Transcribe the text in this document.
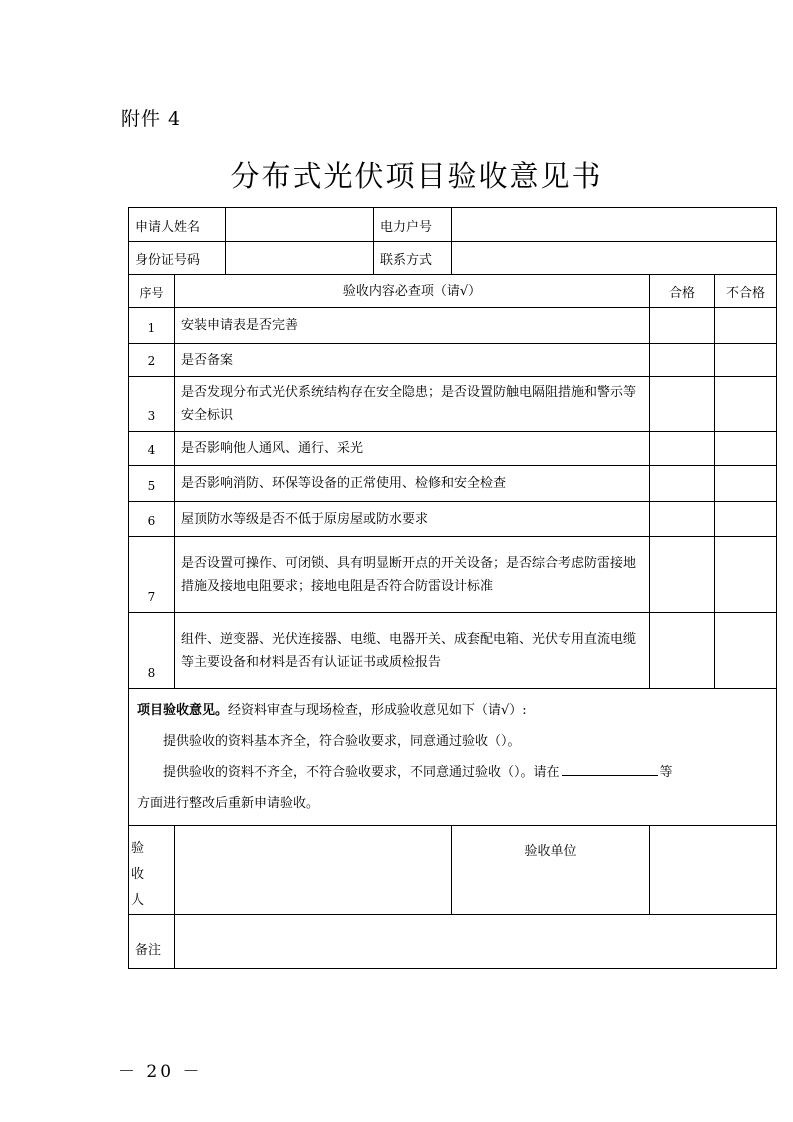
附件 4
分布式光伏项目验收意见书
申请人姓名			电力户号			
身份证号码			联系方式			
序号	验收内容必查项（请√）				合格	不合格
1	安装申请表是否完善					
2	是否备案					
3	是否发现分布式光伏系统结构存在安全隐患；是否设置防触电隔阻措施和警示等安全标识					
4	是否影响他人通风、通行、采光					
5	是否影响消防、环保等设备的正常使用、检修和安全检查					
6	屋顶防水等级是否不低于原房屋或防水要求					
7	是否设置可操作、可闭锁、具有明显断开点的开关设备；是否综合考虑防雷接地措施及接地电阻要求；接地电阻是否符合防雷设计标准					
8	组件、逆变器、光伏连接器、电缆、电器开关、成套配电箱、光伏专用直流电缆等主要设备和材料是否有认证证书或质检报告					

项目验收意见。经资料审查与现场检查，形成验收意见如下（请√）:
提供验收的资料基本齐全，符合验收要求，同意通过验收（）。
提供验收的资料不齐全，不符合验收要求，不同意通过验收（）。请在 等
方面进行整改后重新申请验收。						

验收人				验收单位		
备注						
－ 20 －
